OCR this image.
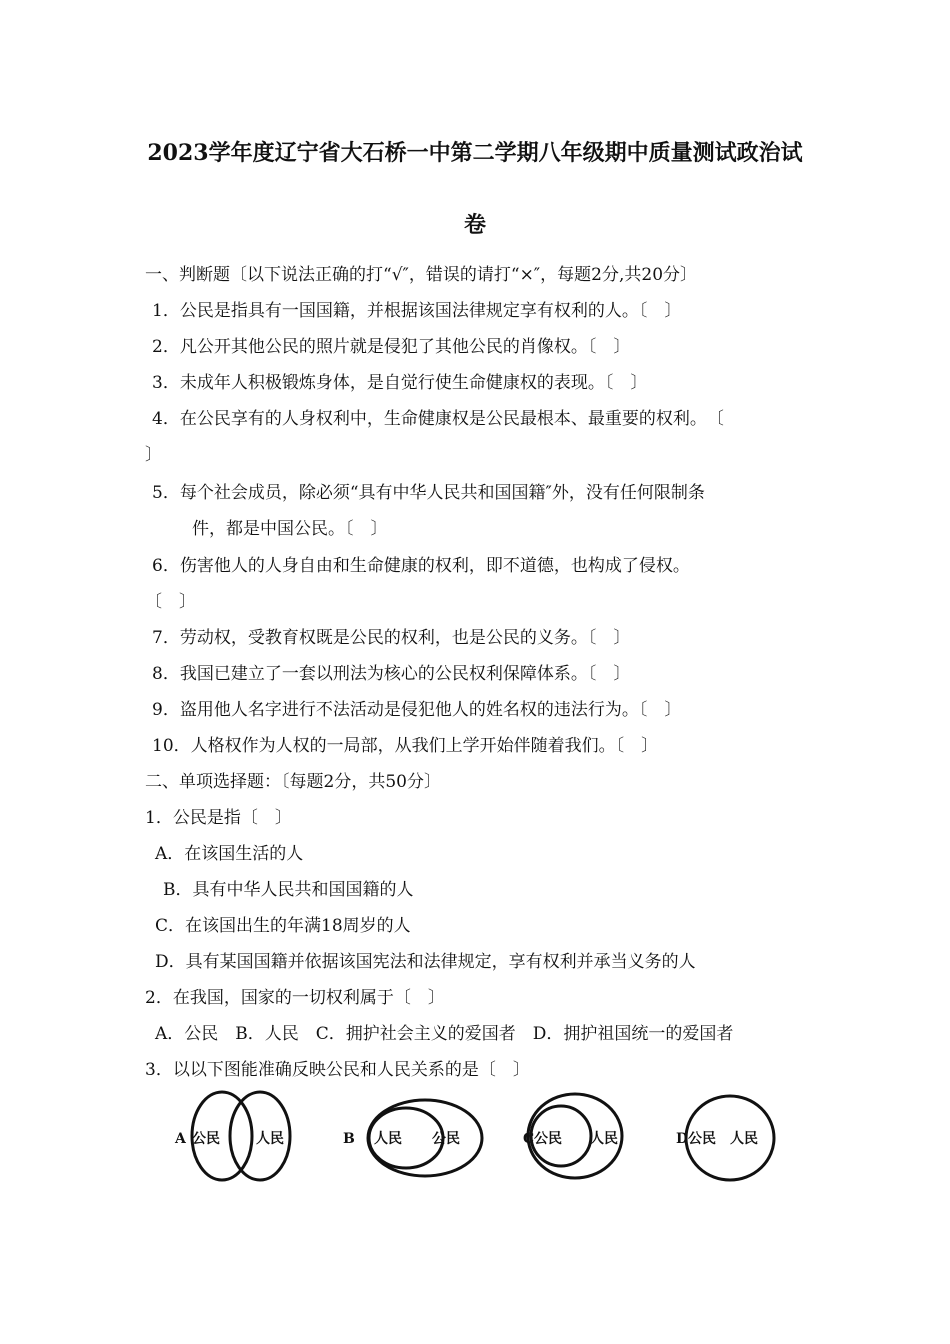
2023学年度辽宁省大石桥一中第二学期八年级期中质量测试政治试
卷
一、判断题〔以下说法正确的打“√″，错误的请打“×″，每题2分,共20分〕
1．公民是指具有一国国籍，并根据该国法律规定享有权利的人。〔　〕
2．凡公开其他公民的照片就是侵犯了其他公民的肖像权。〔　〕
3．未成年人积极锻炼身体，是自觉行使生命健康权的表现。〔　〕
4．在公民享有的人身权利中，生命健康权是公民最根本、最重要的权利。　〔
〕
5．每个社会成员，除必须“具有中华人民共和国国籍″外，没有任何限制条
件，都是中国公民。〔　〕
6．伤害他人的人身自由和生命健康的权利，即不道德，也构成了侵权。
〔　〕
7．劳动权，受教育权既是公民的权利，也是公民的义务。〔　〕
8．我国已建立了一套以刑法为核心的公民权利保障体系。〔　〕
9．盗用他人名字进行不法活动是侵犯他人的姓名权的违法行为。〔　〕
10．人格权作为人权的一局部，从我们上学开始伴随着我们。〔　〕
二、单项选择题：〔每题2分，共50分〕
1．公民是指〔　〕
A．在该国生活的人
B．具有中华人民共和国国籍的人
C．在该国出生的年满18周岁的人
D．具有某国国籍并依据该国宪法和法律规定，享有权利并承当义务的人
2．在我国，国家的一切权利属于〔　〕
A．公民　B．人民　C．拥护社会主义的爱国者　D．拥护祖国统一的爱国者
3．以以下图能准确反映公民和人民关系的是〔　〕
A 公民	人民	B 人民 公民	C 公民 人民	D 公民 人民
